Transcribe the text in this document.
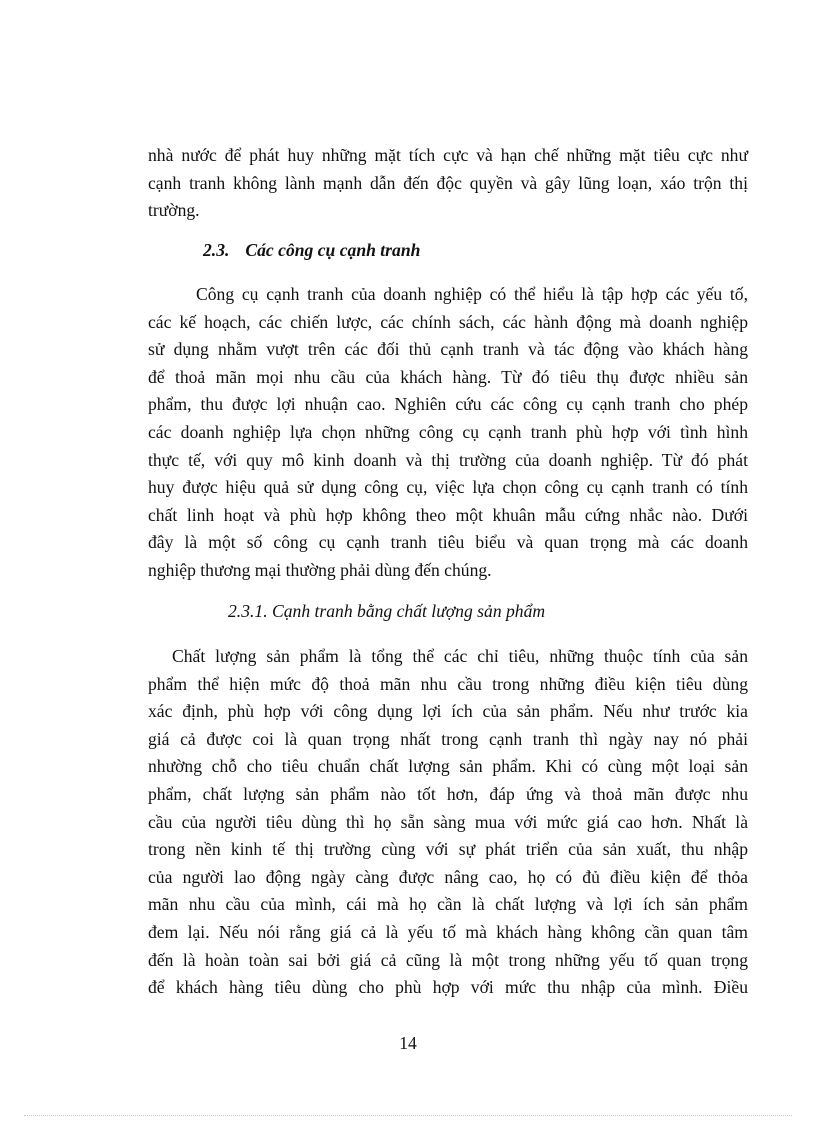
nhà nước để phát huy những mặt tích cực và hạn chế những mặt tiêu cực như
cạnh tranh không lành mạnh dẫn đến độc quyền và gây lũng loạn, xáo trộn thị
trường.
2.3. Các công cụ cạnh tranh
Công cụ cạnh tranh của doanh nghiệp có thể hiểu là tập hợp các yếu tố,
các kế hoạch, các chiến lược, các chính sách, các hành động mà doanh nghiệp
sử dụng nhằm vượt trên các đối thủ cạnh tranh và tác động vào khách hàng
để thoả mãn mọi nhu cầu của khách hàng. Từ đó tiêu thụ được nhiều sản
phẩm, thu được lợi nhuận cao. Nghiên cứu các công cụ cạnh tranh cho phép
các doanh nghiệp lựa chọn những công cụ cạnh tranh phù hợp với tình hình
thực tế, với quy mô kinh doanh và thị trường của doanh nghiệp. Từ đó phát
huy được hiệu quả sử dụng công cụ, việc lựa chọn công cụ cạnh tranh có tính
chất linh hoạt và phù hợp không theo một khuân mẫu cứng nhắc nào. Dưới
đây là một số công cụ cạnh tranh tiêu biểu và quan trọng mà các doanh
nghiệp thương mại thường phải dùng đến chúng.
2.3.1. Cạnh tranh bằng chất lượng sản phẩm
Chất lượng sản phẩm là tổng thể các chỉ tiêu, những thuộc tính của sản
phẩm thể hiện mức độ thoả mãn nhu cầu trong những điều kiện tiêu dùng
xác định, phù hợp với công dụng lợi ích của sản phẩm. Nếu như trước kia
giá cả được coi là quan trọng nhất trong cạnh tranh thì ngày nay nó phải
nhường chỗ cho tiêu chuẩn chất lượng sản phẩm. Khi có cùng một loại sản
phẩm, chất lượng sản phẩm nào tốt hơn, đáp ứng và thoả mãn được nhu
cầu của người tiêu dùng thì họ sẵn sàng mua với mức giá cao hơn. Nhất là
trong nền kinh tế thị trường cùng với sự phát triển của sản xuất, thu nhập
của người lao động ngày càng được nâng cao, họ có đủ điều kiện để thỏa
mãn nhu cầu của mình, cái mà họ cần là chất lượng và lợi ích sản phẩm
đem lại. Nếu nói rằng giá cả là yếu tố mà khách hàng không cần quan tâm
đến là hoàn toàn sai bởi giá cả cũng là một trong những yếu tố quan trọng
để khách hàng tiêu dùng cho phù hợp với mức thu nhập của mình. Điều
14
